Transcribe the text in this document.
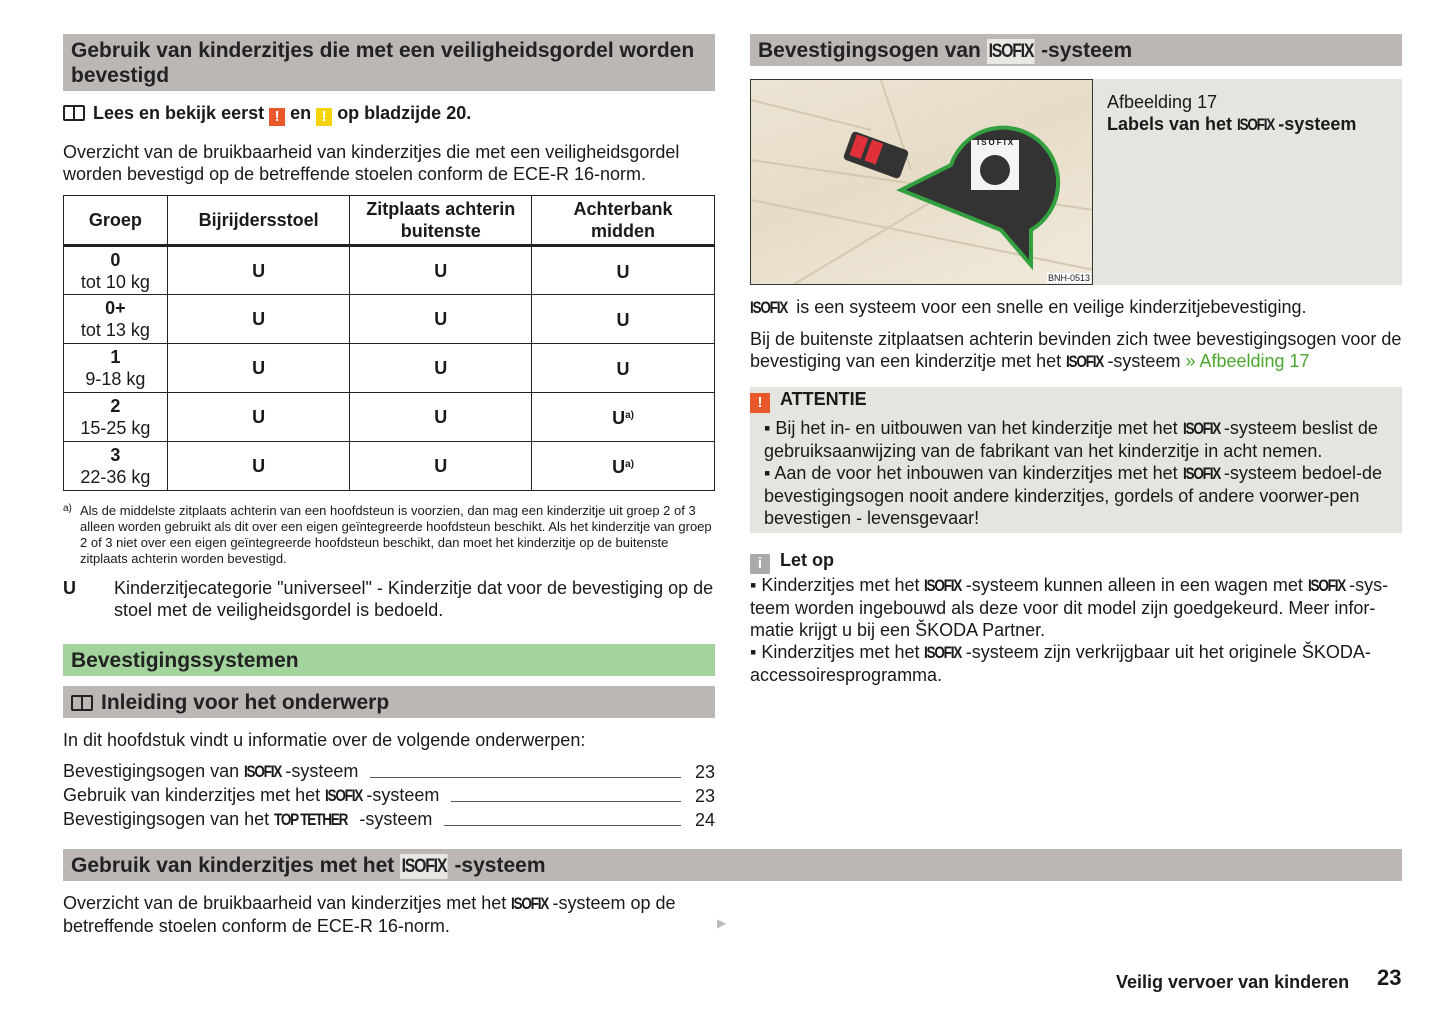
Gebruik van kinderzitjes die met een veiligheidsgordel worden bevestigd
Lees en bekijk eerst ! en ! op bladzijde 20.
Overzicht van de bruikbaarheid van kinderzitjes die met een veiligheidsgordel worden bevestigd op de betreffende stoelen conform de ECE-R 16-norm.
Groep	Bijrijdersstoel	Zitplaats achterin buitenste	Achterbank midden
0
tot 10 kg	U	U	U
0+
tot 13 kg	U	U	U
1
9-18 kg	U	U	U
2
15-25 kg	U	U	$U^{a)}$
3
22-36 kg	U	U	$U^{a)}$
a) Als de middelste zitplaats achterin van een hoofdsteun is voorzien, dan mag een kinderzitje uit groep 2 of 3 alleen worden gebruikt als dit over een eigen geïntegreerde hoofdsteun beschikt. Als het kinderzitje van groep 2 of 3 niet over een eigen geïntegreerde hoofdsteun beschikt, dan moet het kinderzitje op de buitenste zitplaats achterin worden bevestigd.
U Kinderzitjecategorie "universeel" - Kinderzitje dat voor de bevestiging op de stoel met de veiligheidsgordel is bedoeld.
Bevestigingssystemen
Inleiding voor het onderwerp
In dit hoofdstuk vindt u informatie over de volgende onderwerpen:
Bevestigingsogen van ISOFIX -systeem	23
Gebruik van kinderzitjes met het ISOFIX -systeem	23
Bevestigingsogen van het TOP TETHER -systeem	24
Gebruik van kinderzitjes met het ISOFIX -systeem
Overzicht van de bruikbaarheid van kinderzitjes met het ISOFIX -systeem op de betreffende stoelen conform de ECE-R 16-norm.	▶
Bevestigingsogen van ISOFIX -systeem
ISOFIX
BNH-0513
Afbeelding 17
Labels van het ISOFIX -systeem
ISOFIX is een systeem voor een snelle en veilige kinderzitjebevestiging.
Bij de buitenste zitplaatsen achterin bevinden zich twee bevestigingsogen voor de bevestiging van een kinderzitje met het ISOFIX -systeem » Afbeelding 17
! ATTENTIE
▪ Bij het in- en uitbouwen van het kinderzitje met het ISOFIX -systeem beslist de gebruiksaanwijzing van de fabrikant van het kinderzitje in acht nemen.
▪ Aan de voor het inbouwen van kinderzitjes met het ISOFIX -systeem bedoel-de bevestigingsogen nooit andere kinderzitjes, gordels of andere voorwer-pen bevestigen - levensgevaar!
i Let op
▪ Kinderzitjes met het ISOFIX -systeem kunnen alleen in een wagen met ISOFIX -sys-teem worden ingebouwd als deze voor dit model zijn goedgekeurd. Meer infor-matie krijgt u bij een ŠKODA Partner.
▪ Kinderzitjes met het ISOFIX -systeem zijn verkrijgbaar uit het originele ŠKODA-accessoiresprogramma.
Veilig vervoer van kinderen 23
